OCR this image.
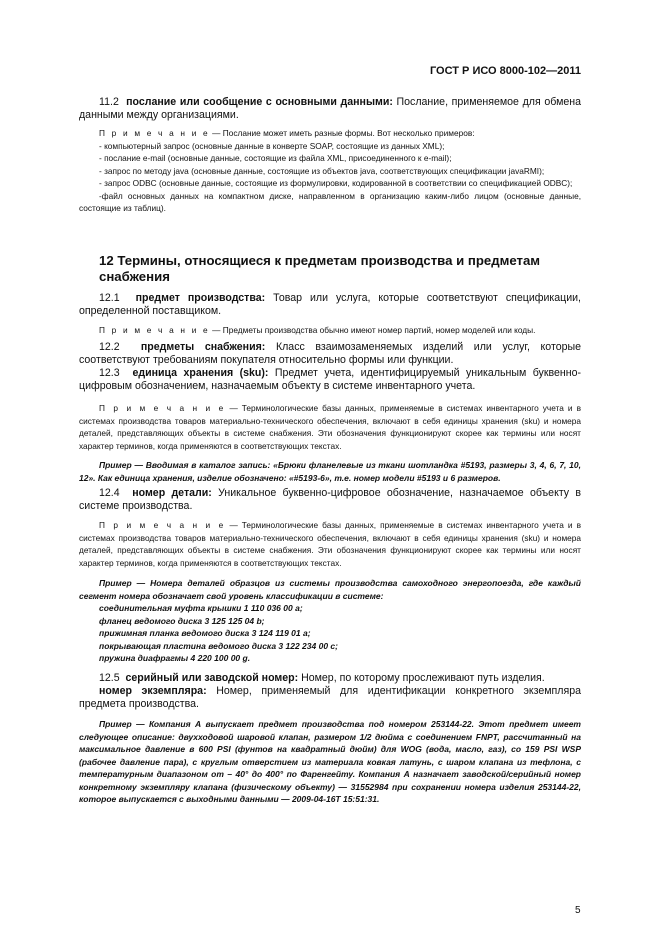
ГОСТ Р ИСО 8000-102—2011

11.2 послание или сообщение с основными данными: Послание, применяемое для обмена данными между организациями.

П р и м е ч а н и е — Послание может иметь разные формы. Вот несколько примеров:

- компьютерный запрос (основные данные в конверте SOAP, состоящие из данных XML);

- послание e-mail (основные данные, состоящие из файла XML, присоединенного к e-mail);

- запрос по методу java (основные данные, состоящие из объектов java, соответствующих спецификации javaRMI);

- запрос ODBC (основные данные, состоящие из формулировки, кодированной в соответствии со спецификацией ODBC);

-файл основных данных на компактном диске, направленном в организацию каким-либо лицом (основные данные, состоящие из таблиц).

12 Термины, относящиеся к предметам производства и предметам снабжения

12.1 предмет производства: Товар или услуга, которые соответствуют спецификации, определенной поставщиком.

П р и м е ч а н и е — Предметы производства обычно имеют номер партий, номер моделей или коды.

12.2 предметы снабжения: Класс взаимозаменяемых изделий или услуг, которые соответствуют требованиям покупателя относительно формы или функции.

12.3 единица хранения (sku): Предмет учета, идентифицируемый уникальным буквенно-цифровым обозначением, назначаемым объекту в системе инвентарного учета.

П р и м е ч а н и е — Терминологические базы данных, применяемые в системах инвентарного учета и в системах производства товаров материально-технического обеспечения, включают в себя единицы хранения (sku) и номера деталей, представляющих объекты в системе снабжения. Эти обозначения функционируют скорее как термины или носят характер терминов, когда применяются в соответствующих текстах.

Пример — Вводимая в каталог запись: «Брюки фланелевые из ткани шотландка #5193, размеры 3, 4, 6, 7, 10, 12». Как единица хранения, изделие обозначено: «#5193-6», т.е. номер модели #5193 и 6 размеров.

12.4 номер детали: Уникальное буквенно-цифровое обозначение, назначаемое объекту в системе производства.

П р и м е ч а н и е — Терминологические базы данных, применяемые в системах инвентарного учета и в системах производства товаров материально-технического обеспечения, включают в себя единицы хранения (sku) и номера деталей, представляющих объекты в системе снабжения. Эти обозначения функционируют скорее как термины или носят характер терминов, когда применяются в соответствующих текстах.

Пример — Номера деталей образцов из системы производства самоходного энергопоезда, где каждый сегмент номера обозначает свой уровень классификации в системе:

соединительная муфта крышки 1 110 036 00 a;

фланец ведомого диска 3 125 125 04 b;

прижимная планка ведомого диска 3 124 119 01 a;

покрывающая пластина ведомого диска 3 122 234 00 c;

пружина диафрагмы 4 220 100 00 g.

12.5 серийный или заводской номер: Номер, по которому прослеживают путь изделия.

номер экземпляра: Номер, применяемый для идентификации конкретного экземпляра предмета производства.

Пример — Компания А выпускает предмет производства под номером 253144-22. Этот предмет имеет следующее описание: двухходовой шаровой клапан, размером 1/2 дюйма с соединением FNPT, рассчитанный на максимальное давление в 600 PSI (фунтов на квадратный дюйм) для WOG (вода, масло, газ), со 159 PSI WSP (рабочее давление пара), с круглым отверстием из материала ковкая латунь, с шаром клапана из тефлона, с температурным диапазоном от – 40° до 400° по Фаренгейту. Компания А назначает заводской/серийный номер конкретному экземпляру клапана (физическому объекту) — 31552984 при сохранении номера изделия 253144-22, которое выпускается с выходными данными — 2009-04-16T 15:51:31.

5
